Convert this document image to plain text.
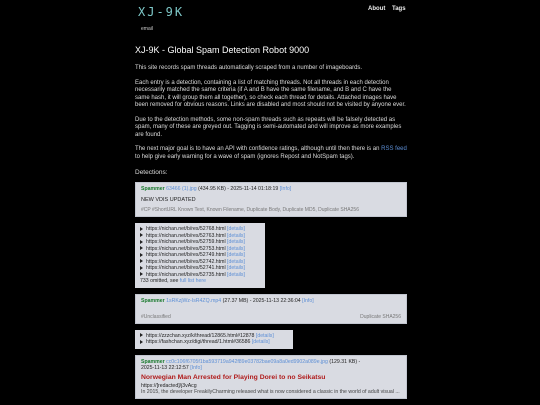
XJ-9K
email
About Tags
XJ-9K - Global Spam Detection Robot 9000

This site records spam threads automatically scraped from a number of imageboards.

Each entry is a detection, containing a list of matching threads. Not all threads in each detection necessarily matched the same criteria (if A and B have the same filename, and B and C have the same hash, it will group them all together), so check each thread for details. Attached images have been removed for obvious reasons. Links are disabled and most should not be visited by anyone ever.

Due to the detection methods, some non-spam threads such as repeats will be falsely detected as spam, many of these are greyed out. Tagging is semi-automated and will improve as more examples are found.

The next major goal is to have an API with confidence ratings, although until then there is an RSS feed to help give early warning for a wave of spam (ignores Repost and NotSpam tags).

Detections:
Spammer 63466 (1).jpg (434.95 KB) - 2025-11-14 01:18:19 [Info]
NEW VDIS UPDATED
#CP #ShortURL Known Text, Known Filename, Duplicate Body, Duplicate MD5, Duplicate SHA256
https://nichan.net/b/res/52768.html [details]
https://nichan.net/b/res/52763.html [details]
https://nichan.net/b/res/52759.html [details]
https://nichan.net/b/res/52753.html [details]
https://nichan.net/b/res/52749.html [details]
https://nichan.net/b/res/52742.html [details]
https://nichan.net/b/res/52741.html [details]
https://nichan.net/b/res/52735.html [details]
733 omitted, see full list here
Spammer 1sRKzjWz-IsR4ZQ.mp4 (27.37 MB) - 2025-11-13 22:36:04 [Info]
#Unclassified	Duplicate SHA256
https://zzzchan.xyz/k/thread/12865.html#12878 [details]
https://fashchan.xyz/digi/thread/1.html#36586 [details]
Spammer cc0c106f6705f1ba593719a942f89e03782bae09a8a0ed9902a089e.jpg (129.31 KB) -
2025-11-13 22:12:57 [Info]
Norwegian Man Arrested for Playing Dorei to no Seikatsu
https://[redacted]/j3vAcg
In 2015, the developer FreakilyCharming released what is now considered a classic in the world of adult visual ...
